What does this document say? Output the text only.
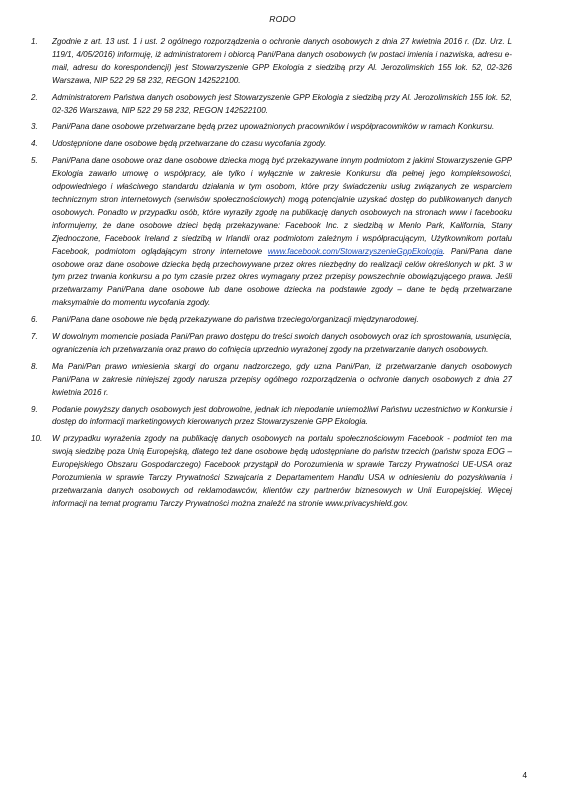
RODO
1. Zgodnie z art. 13 ust. 1 i ust. 2 ogólnego rozporządzenia o ochronie danych osobowych z dnia 27 kwietnia 2016 r. (Dz. Urz. L 119/1, 4/05/2016) informuję, iż administratorem i obiorcą Pani/Pana danych osobowych (w postaci imienia i nazwiska, adresu e-mail, adresu do korespondencji) jest Stowarzyszenie GPP Ekologia z siedzibą przy Al. Jerozolimskich 155 lok. 52, 02-326 Warszawa, NIP 522 29 58 232, REGON 142522100.
2. Administratorem Państwa danych osobowych jest Stowarzyszenie GPP Ekologia z siedzibą przy Al. Jerozolimskich 155 lok. 52, 02-326 Warszawa, NIP 522 29 58 232, REGON 142522100.
3. Pani/Pana dane osobowe przetwarzane będą przez upoważnionych pracowników i współpracowników w ramach Konkursu.
4. Udostępnione dane osobowe będą przetwarzane do czasu wycofania zgody.
5. Pani/Pana dane osobowe oraz dane osobowe dziecka mogą być przekazywane innym podmiotom z jakimi Stowarzyszenie GPP Ekologia zawarło umowę o współpracy, ale tylko i wyłącznie w zakresie Konkursu dla pełnej jego kompleksowości, odpowiedniego i właściwego standardu działania w tym osobom, które przy świadczeniu usług związanych ze wsparciem technicznym stron internetowych (serwisów społecznościowych) mogą potencjalnie uzyskać dostęp do publikowanych danych osobowych. Ponadto w przypadku osób, które wyraziły zgodę na publikację danych osobowych na stronach www i facebooku informujemy, że dane osobowe dzieci będą przekazywane: Facebook Inc. z siedzibą w Menlo Park, Kalifornia, Stany Zjednoczone, Facebook Ireland z siedzibą w Irlandii oraz podmiotom zależnym i współpracującym, Użytkownikom portalu Facebook, podmiotom oglądającym strony internetowe www.facebook.com/StowarzyszenieGppEkologia. Pani/Pana dane osobowe oraz dane osobowe dziecka będą przechowywane przez okres niezbędny do realizacji celów określonych w pkt. 3 w tym przez trwania konkursu a po tym czasie przez okres wymagany przez przepisy powszechnie obowiązującego prawa. Jeśli przetwarzamy Pani/Pana dane osobowe lub dane osobowe dziecka na podstawie zgody – dane te będą przetwarzane maksymalnie do momentu wycofania zgody.
6. Pani/Pana dane osobowe nie będą przekazywane do państwa trzeciego/organizacji międzynarodowej.
7. W dowolnym momencie posiada Pani/Pan prawo dostępu do treści swoich danych osobowych oraz ich sprostowania, usunięcia, ograniczenia ich przetwarzania oraz prawo do cofnięcia uprzednio wyrażonej zgody na przetwarzanie danych osobowych.
8. Ma Pani/Pan prawo wniesienia skargi do organu nadzorczego, gdy uzna Pani/Pan, iż przetwarzanie danych osobowych Pani/Pana w zakresie niniejszej zgody narusza przepisy ogólnego rozporządzenia o ochronie danych osobowych z dnia 27 kwietnia 2016 r.
9. Podanie powyższy danych osobowych jest dobrowolne, jednak ich niepodanie uniemożliwi Państwu uczestnictwo w Konkursie i dostęp do informacji marketingowych kierowanych przez Stowarzyszenie GPP Ekologia.
10. W przypadku wyrażenia zgody na publikację danych osobowych na portalu społecznościowym Facebook - podmiot ten ma swoją siedzibę poza Unią Europejską, dlatego też dane osobowe będą udostępniane do państw trzecich (państw spoza EOG – Europejskiego Obszaru Gospodarczego) Facebook przystąpił do Porozumienia w sprawie Tarczy Prywatności UE-USA oraz Porozumienia w sprawie Tarczy Prywatności Szwajcaria z Departamentem Handlu USA w odniesieniu do pozyskiwania i przetwarzania danych osobowych od reklamodawców, klientów czy partnerów biznesowych w Unii Europejskiej. Więcej informacji na temat programu Tarczy Prywatności można znaleźć na stronie www.privacyshield.gov.
4
